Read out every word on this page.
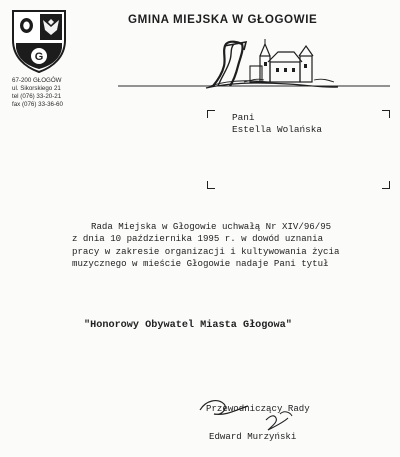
G
67-200 GŁOGÓW
ul. Sikorskiego 21
tel (076) 33-20-21
fax (076) 33-36-60
GMINA MIEJSKA W GŁOGOWIE
Pani
Estella Wolańska
Rada Miejska w Głogowie uchwałą Nr XIV/96/95
z dnia 10 października 1995 r. w dowód uznania
pracy w zakresie organizacji i kultywowania życia
muzycznego w mieście Głogowie nadaje Pani tytuł
"Honorowy Obywatel Miasta Głogowa"
Przewodniczący Rady
Edward Murzyński
